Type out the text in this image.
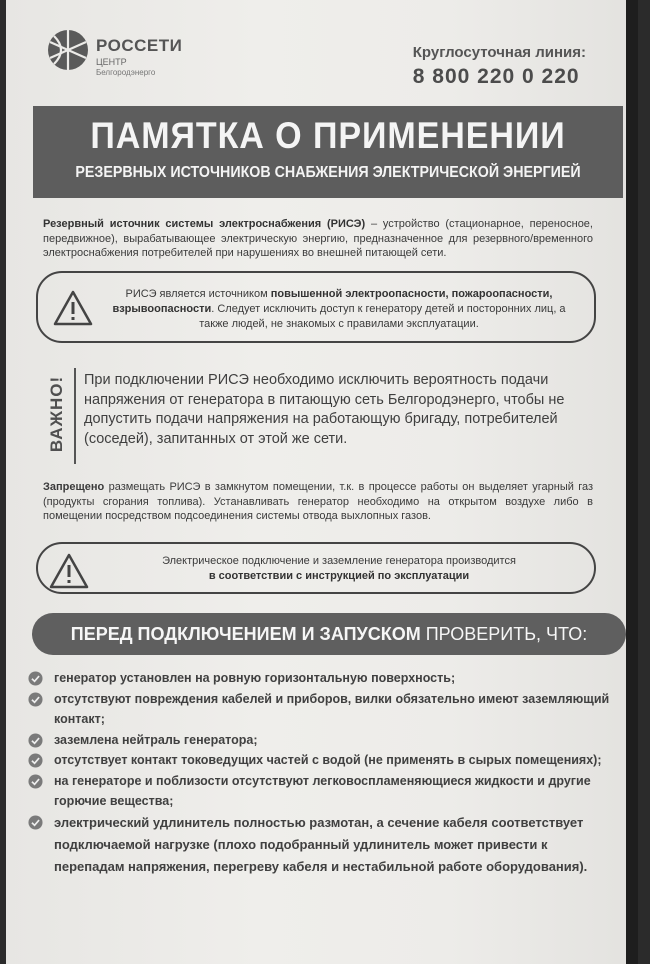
РОССЕТИ
ЦЕНТР
Белгородэнерго
Круглосуточная линия:
8 800 220 0 220
ПАМЯТКА О ПРИМЕНЕНИИ
РЕЗЕРВНЫХ ИСТОЧНИКОВ СНАБЖЕНИЯ ЭЛЕКТРИЧЕСКОЙ ЭНЕРГИЕЙ
Резервный источник системы электроснабжения (РИСЭ) – устройство (стационарное, переносное, передвижное), вырабатывающее электрическую энергию, предназначенное для резервного/временного электроснабжения потребителей при нарушениях во внешней питающей сети.
РИСЭ является источником повышенной электроопасности, пожароопасности, взрывоопасности. Следует исключить доступ к генератору детей и посторонних лиц, а также людей, не знакомых с правилами эксплуатации.
ВАЖНО! При подключении РИСЭ необходимо исключить вероятность подачи напряжения от генератора в питающую сеть Белгородэнерго, чтобы не допустить подачи напряжения на работающую бригаду, потребителей (соседей), запитанных от этой же сети.
Запрещено размещать РИСЭ в замкнутом помещении, т.к. в процессе работы он выделяет угарный газ (продукты сгорания топлива). Устанавливать генератор необходимо на открытом воздухе либо в помещении посредством подсоединения системы отвода выхлопных газов.
Электрическое подключение и заземление генератора производится
в соответствии с инструкцией по эксплуатации
ПЕРЕД ПОДКЛЮЧЕНИЕМ И ЗАПУСКОМ ПРОВЕРИТЬ, ЧТО:
генератор установлен на ровную горизонтальную поверхность;
отсутствуют повреждения кабелей и приборов, вилки обязательно имеют заземляющий контакт;
заземлена нейтраль генератора;
отсутствует контакт токоведущих частей с водой (не применять в сырых помещениях);
на генераторе и поблизости отсутствуют легковоспламеняющиеся жидкости и другие горючие вещества;
электрический удлинитель полностью размотан, а сечение кабеля соответствует подключаемой нагрузке (плохо подобранный удлинитель может привести к перепадам напряжения, перегреву кабеля и нестабильной работе оборудования).
